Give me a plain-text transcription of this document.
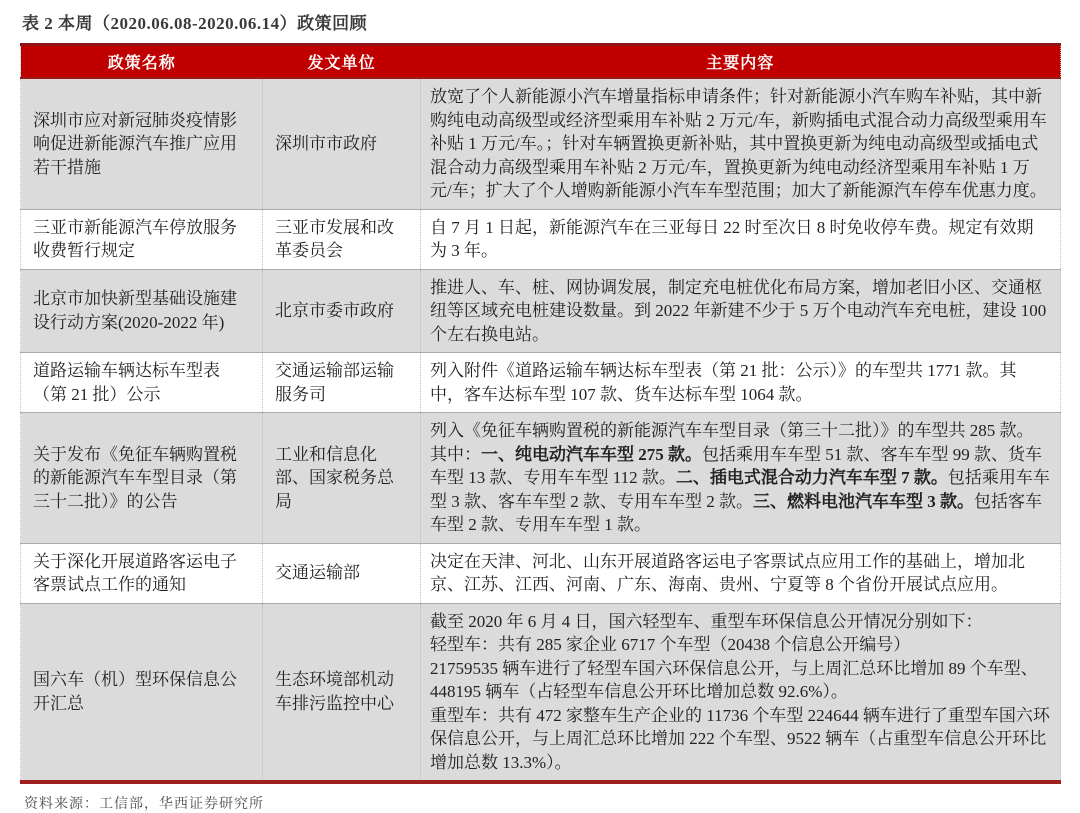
表 2 本周（2020.06.08-2020.06.14）政策回顾
政策名称	发文单位	主要内容
深圳市应对新冠肺炎疫情影响促进新能源汽车推广应用若干措施	深圳市市政府	放宽了个人新能源小汽车增量指标申请条件；针对新能源小汽车购车补贴，其中新购纯电动高级型或经济型乘用车补贴 2 万元/车，新购插电式混合动力高级型乘用车补贴 1 万元/车。；针对车辆置换更新补贴，其中置换更新为纯电动高级型或插电式混合动力高级型乘用车补贴 2 万元/车，置换更新为纯电动经济型乘用车补贴 1 万元/车；扩大了个人增购新能源小汽车车型范围；加大了新能源汽车停车优惠力度。
三亚市新能源汽车停放服务收费暂行规定	三亚市发展和改革委员会	自 7 月 1 日起，新能源汽车在三亚每日 22 时至次日 8 时免收停车费。规定有效期为 3 年。
北京市加快新型基础设施建设行动方案(2020-2022 年)	北京市委市政府	推进人、车、桩、网协调发展，制定充电桩优化布局方案，增加老旧小区、交通枢纽等区域充电桩建设数量。到 2022 年新建不少于 5 万个电动汽车充电桩，建设 100 个左右换电站。
道路运输车辆达标车型表（第 21 批）公示	交通运输部运输服务司	列入附件《道路运输车辆达标车型表（第 21 批：公示）》的车型共 1771 款。其中，客车达标车型 107 款、货车达标车型 1064 款。
关于发布《免征车辆购置税的新能源汽车车型目录（第三十二批）》的公告	工业和信息化部、国家税务总局	列入《免征车辆购置税的新能源汽车车型目录（第三十二批）》的车型共 285 款。其中：一、纯电动汽车车型 275 款。包括乘用车车型 51 款、客车车型 99 款、货车车型 13 款、专用车车型 112 款。二、插电式混合动力汽车车型 7 款。包括乘用车车型 3 款、客车车型 2 款、专用车车型 2 款。三、燃料电池汽车车型 3 款。包括客车车型 2 款、专用车车型 1 款。
关于深化开展道路客运电子客票试点工作的通知	交通运输部	决定在天津、河北、山东开展道路客运电子客票试点应用工作的基础上，增加北京、江苏、江西、河南、广东、海南、贵州、宁夏等 8 个省份开展试点应用。
国六车（机）型环保信息公开汇总	生态环境部机动车排污监控中心	截至 2020 年 6 月 4 日，国六轻型车、重型车环保信息公开情况分别如下：
轻型车：共有 285 家企业 6717 个车型（20438 个信息公开编号）
21759535 辆车进行了轻型车国六环保信息公开，与上周汇总环比增加 89 个车型、448195 辆车（占轻型车信息公开环比增加总数 92.6%）。
重型车：共有 472 家整车生产企业的 11736 个车型 224644 辆车进行了重型车国六环保信息公开，与上周汇总环比增加 222 个车型、9522 辆车（占重型车信息公开环比增加总数 13.3%）。
资料来源：工信部，华西证券研究所
